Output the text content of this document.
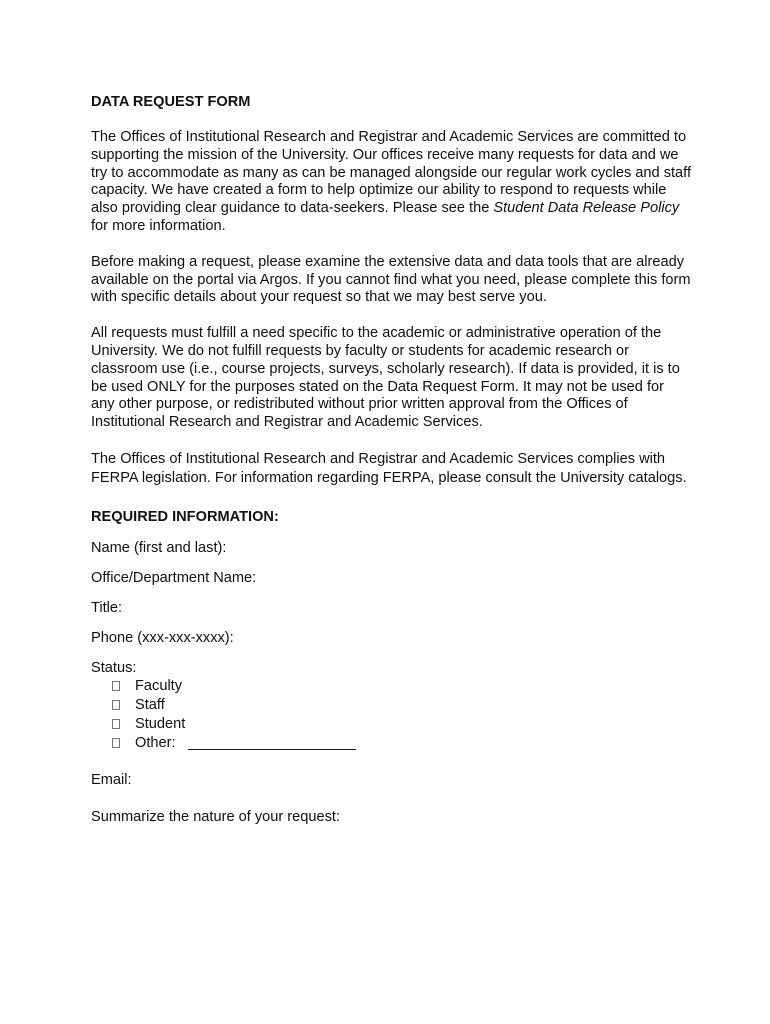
DATA REQUEST FORM

The Offices of Institutional Research and Registrar and Academic Services are committed to supporting the mission of the University. Our offices receive many requests for data and we try to accommodate as many as can be managed alongside our regular work cycles and staff capacity. We have created a form to help optimize our ability to respond to requests while also providing clear guidance to data-seekers. Please see the Student Data Release Policy for more information.

Before making a request, please examine the extensive data and data tools that are already available on the portal via Argos. If you cannot find what you need, please complete this form with specific details about your request so that we may best serve you.

All requests must fulfill a need specific to the academic or administrative operation of the University. We do not fulfill requests by faculty or students for academic research or classroom use (i.e., course projects, surveys, scholarly research). If data is provided, it is to be used ONLY for the purposes stated on the Data Request Form. It may not be used for any other purpose, or redistributed without prior written approval from the Offices of Institutional Research and Registrar and Academic Services.

The Offices of Institutional Research and Registrar and Academic Services complies with FERPA legislation. For information regarding FERPA, please consult the University catalogs.

REQUIRED INFORMATION:

Name (first and last):

Office/Department Name:

Title:

Phone (xxx-xxx-xxxx):

Status:

Faculty
Staff
Student
Other:

Email:

Summarize the nature of your request:
